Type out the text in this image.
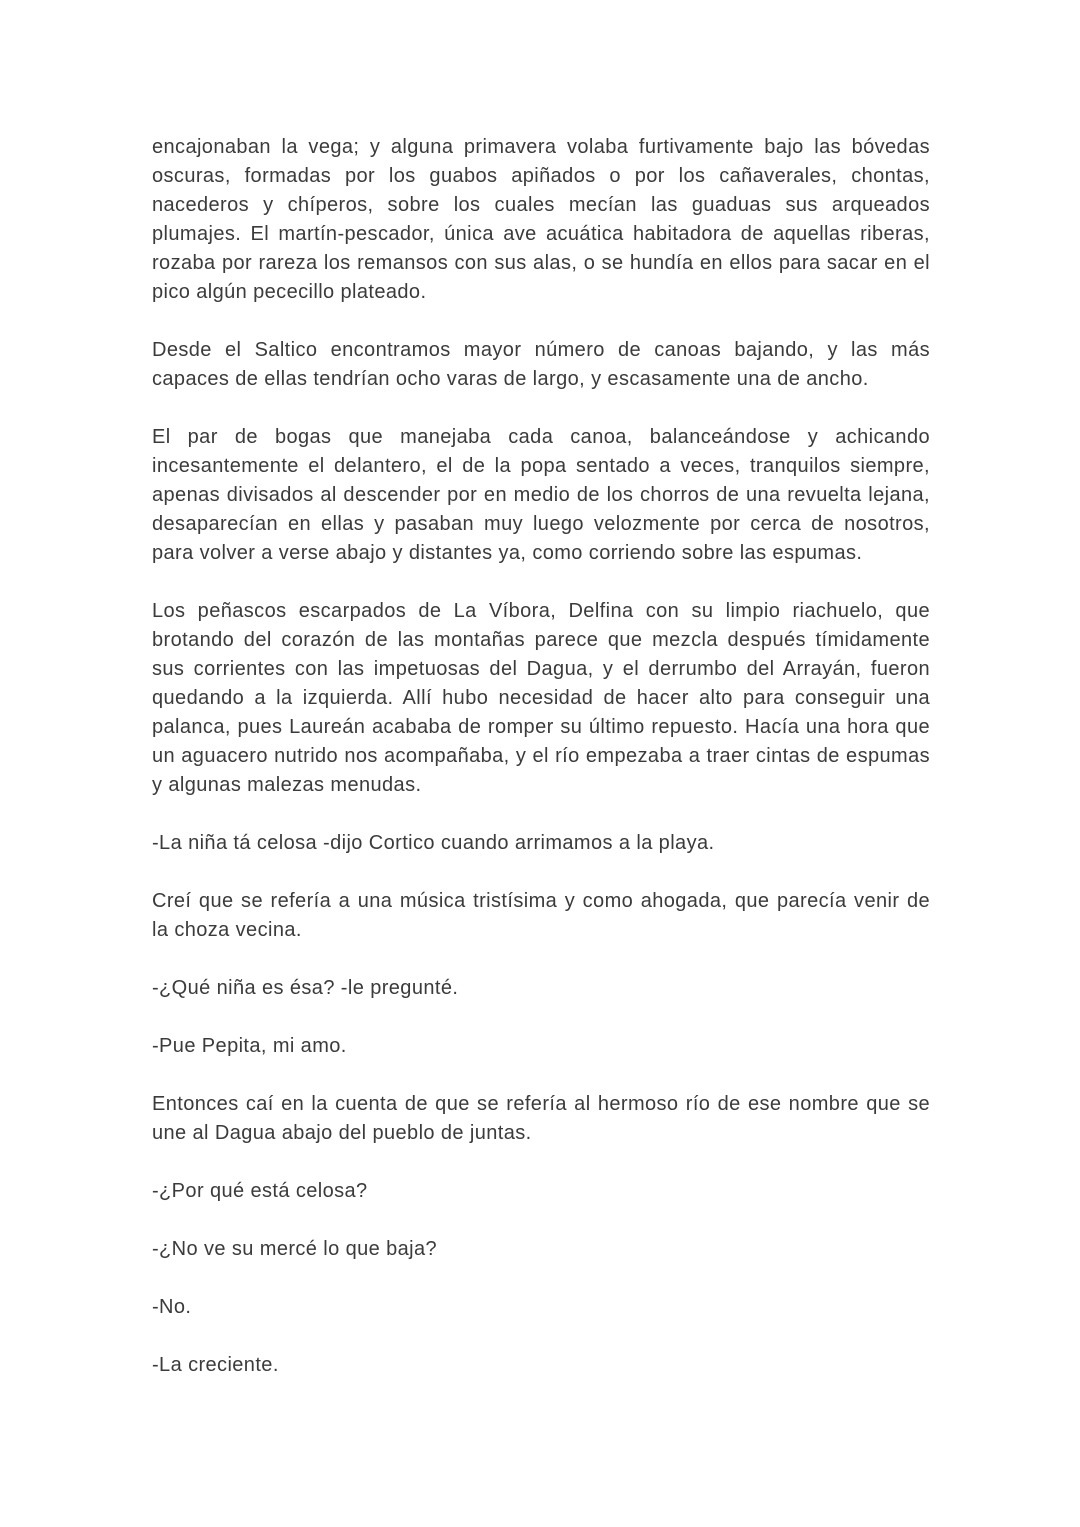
encajonaban la vega; y alguna primavera volaba furtivamente bajo las bóvedas oscuras, formadas por los guabos apiñados o por los cañaverales, chontas, nacederos y chíperos, sobre los cuales mecían las guaduas sus arqueados plumajes. El martín-pescador, única ave acuática habitadora de aquellas riberas, rozaba por rareza los remansos con sus alas, o se hundía en ellos para sacar en el pico algún pececillo plateado.

Desde el Saltico encontramos mayor número de canoas bajando, y las más capaces de ellas tendrían ocho varas de largo, y escasamente una de ancho.

El par de bogas que manejaba cada canoa, balanceándose y achicando incesantemente el delantero, el de la popa sentado a veces, tranquilos siempre, apenas divisados al descender por en medio de los chorros de una revuelta lejana, desaparecían en ellas y pasaban muy luego velozmente por cerca de nosotros, para volver a verse abajo y distantes ya, como corriendo sobre las espumas.

Los peñascos escarpados de La Víbora, Delfina con su limpio riachuelo, que brotando del corazón de las montañas parece que mezcla después tímidamente sus corrientes con las impetuosas del Dagua, y el derrumbo del Arrayán, fueron quedando a la izquierda. Allí hubo necesidad de hacer alto para conseguir una palanca, pues Laureán acababa de romper su último repuesto. Hacía una hora que un aguacero nutrido nos acompañaba, y el río empezaba a traer cintas de espumas y algunas malezas menudas.

-La niña tá celosa -dijo Cortico cuando arrimamos a la playa.

Creí que se refería a una música tristísima y como ahogada, que parecía venir de la choza vecina.

-¿Qué niña es ésa? -le pregunté.

-Pue Pepita, mi amo.

Entonces caí en la cuenta de que se refería al hermoso río de ese nombre que se une al Dagua abajo del pueblo de juntas.

-¿Por qué está celosa?

-¿No ve su mercé lo que baja?

-No.

-La creciente.
